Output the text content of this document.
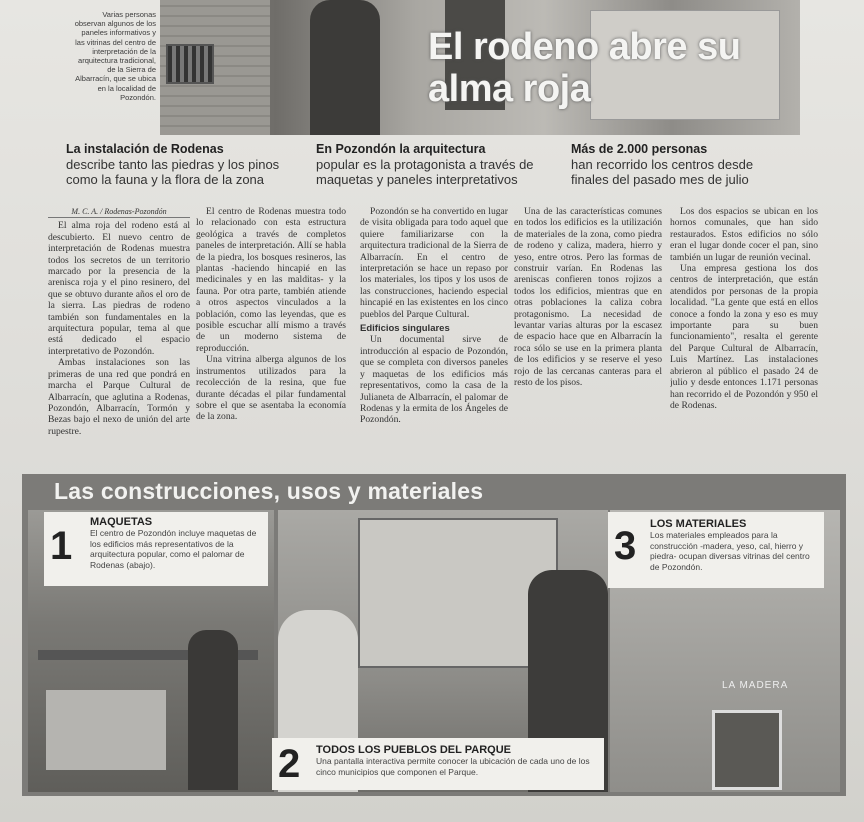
Varias personas observan algunos de los paneles informativos y las vitrinas del centro de interpretación de la arquitectura tradicional, de la Sierra de Albarracín, que se ubica en la localidad de Pozondón.
El rodeno abre su alma roja
La instalación de Rodenas
describe tanto las piedras y los pinos como la fauna y la flora de la zona
En Pozondón la arquitectura
popular es la protagonista a través de maquetas y paneles interpretativos
Más de 2.000 personas
han recorrido los centros desde finales del pasado mes de julio
M. C. A. / Rodenas-Pozondón

El alma roja del rodeno está al descubierto. El nuevo centro de interpretación de Rodenas muestra todos los secretos de un territorio marcado por la presencia de la arenisca roja y el pino resinero, del que se obtuvo durante años el oro de la sierra. Las piedras de rodeno también son fundamentales en la arquitectura popular, tema al que está dedicado el espacio interpretativo de Pozondón.

Ambas instalaciones son las primeras de una red que pondrá en marcha el Parque Cultural de Albarracín, que aglutina a Rodenas, Pozondón, Albarracín, Tormón y Bezas bajo el nexo de unión del arte rupestre.

El centro de Rodenas muestra todo lo relacionado con esta estructura geológica a través de completos paneles de interpretación. Allí se habla de la piedra, los bosques resineros, las plantas -haciendo hincapié en las medicinales y en las malditas- y la fauna. Por otra parte, también atiende a otros aspectos vinculados a la población, como las leyendas, que es posible escuchar allí mismo a través de un moderno sistema de reproducción.

Una vitrina alberga algunos de los instrumentos utilizados para la recolección de la resina, que fue durante décadas el pilar fundamental sobre el que se asentaba la economía de la zona.

Pozondón se ha convertido en lugar de visita obligada para todo aquel que quiere familiarizarse con la arquitectura tradicional de la Sierra de Albarracín. En el centro de interpretación se hace un repaso por los materiales, los tipos y los usos de las construcciones, haciendo especial hincapié en las existentes en los cinco pueblos del Parque Cultural.

Edificios singulares

Un documental sirve de introducción al espacio de Pozondón, que se completa con diversos paneles y maquetas de los edificios más representativos, como la casa de la Julianeta de Albarracín, el palomar de Rodenas y la ermita de los Ángeles de Pozondón.

Una de las características comunes en todos los edificios es la utilización de materiales de la zona, como piedra de rodeno y caliza, madera, hierro y yeso, entre otros. Pero las formas de construir varían. En Rodenas las areniscas confieren tonos rojizos a todos los edificios, mientras que en otras poblaciones la caliza cobra protagonismo. La necesidad de levantar varias alturas por la escasez de espacio hace que en Albarracín la roca sólo se use en la primera planta de los edificios y se reserve el yeso rojo de las cercanas canteras para el resto de los pisos.

Los dos espacios se ubican en los hornos comunales, que han sido restaurados. Estos edificios no sólo eran el lugar donde cocer el pan, sino también un lugar de reunión vecinal.

Una empresa gestiona los dos centros de interpretación, que están atendidos por personas de la propia localidad. "La gente que está en ellos conoce a fondo la zona y eso es muy importante para su buen funcionamiento", resalta el gerente del Parque Cultural de Albarracín, Luis Martínez. Las instalaciones abrieron al público el pasado 24 de julio y desde entonces 1.171 personas han recorrido el de Pozondón y 950 el de Rodenas.

Las construcciones, usos y materiales
LA MADERA
1
MAQUETAS
El centro de Pozondón incluye maquetas de los edificios más representativos de la arquitectura popular, como el palomar de Rodenas (abajo).
2 TODOS LOS PUEBLOS DEL PARQUE
Una pantalla interactiva permite conocer la ubicación de cada uno de los cinco municipios que componen el Parque.
3 LOS MATERIALES
Los materiales empleados para la construcción -madera, yeso, cal, hierro y piedra- ocupan diversas vitrinas del centro de Pozondón.
